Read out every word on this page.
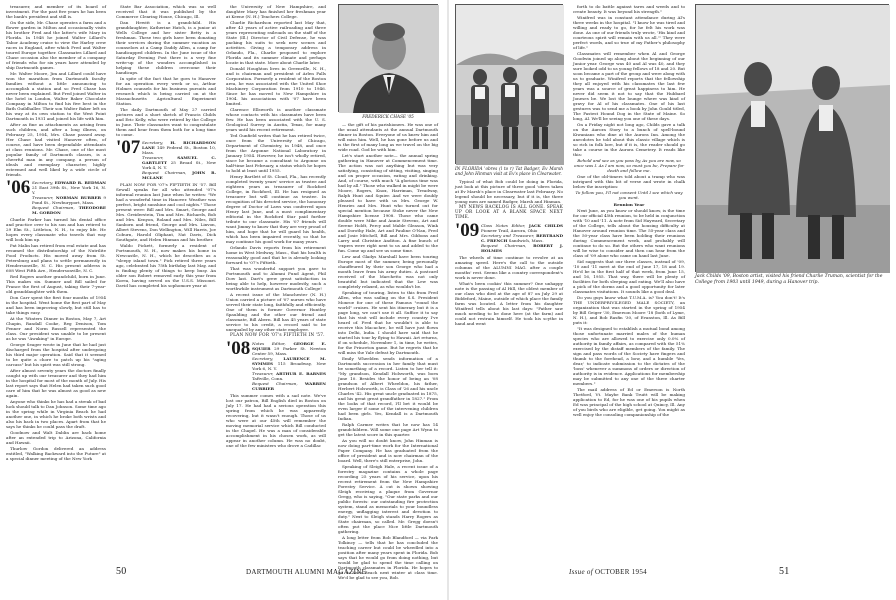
treasurer, and member of its board of investment. For the past five years he has been the bank's president and still is.

On the side, Mr. Chase operates a farm and a flower garden in Milton and occasionally visits his brother Fred and the latter's wife Mary in Florida. In 1948 he joined Walter Lillard's Tabor Academy cruise to view the Harley crew races in England, after which Fred and Walter toured Europe together. Classmates Lillard and Chase occasion also the member of a company of friends who for six years have attended by ship Dartmouth games.

Mr. Walter Moore, Jim and Lillard could have won the marathon from Dartmouth faculty families without a little announcing to accomplish a station and so Fred Chase has never been explained. But Fred joined Walter in the hotel in London, Walter Baker Chocolate Company in Milton to find his five best in the Bath Guildhaller. Their son Walter Baker left on his way at its own station to the West Point Dartmouth in 1931 and joined his life with him.

After as fine as attachments as arising from such children, and after a long illness, on February 25, 1954, Mrs. Chase passed away. Her Chase had visited Hanover often, of course, and have been dependable attendants at class reunions. Mr. Chase, one of the most popular family of Dartmouth classes, is a cheerful man in any company, a person of ideals and exemplary character, highly esteemed and well liked by a wide circle of friends.

'06 Secretary, EDWARD R. REDMAN 21 East 39th St., New York 16, N. Y.
Treasurer, NORMAN BURBER 9 Pond St., Newburyport, Mass.
Bequest Chairman, THEODORE M. GORDON

Charlie Parker has turned his dental office and practice over to his son and has retired to 29 Elm St., Littleton, N. H., to enjoy life. He hopes every classmate who travels that way will look him up.

Pat Malin has retired from real estate and has resumed the distributorship of the Nutrilite Food Products. His moved away from St. Petersburg and plans to settle permanently in Hendersonville, N. C. His present address is 608 West Fifth Ave., Hendersonville, N. C.

Red Rogers another grandchild, born in June. This makes six. Sumner and Bill sailed for France the first of August, taking their 7-year-old granddaughter with them.

Don Carr spent the first four months of 1954 in the hospital. Went home the first part of May and has been improving slowly, but still has to take things easy.

At the 'Winters Dinner in Boston, May 7, Art Chapin, Randall Cooke, Reg Denison, Tom Fenner and Norm Russell represented the class. Our president was unable to be present as he was "Awaking" in Europe.

George Seager wrote in June that he had just discharged from the hospital after undergoing his third major operation. Said that it seemed to be quite a chore to patch up his "aging carcass" but his spirit was still strong.

After almost seventy years the doctors finally caught up with our treasurer and they had him in the hospital for most of the month of July. His last report says that Helen had taken such good care of him that he was almost as good as new again.

Anyone who thinks he has had a streak of bad luck should talk to Dan Johnson. Some time ago in the spring while in Virginia Beach he had another one, in which he broke both wrists and also his back in two places. Apart from that he says he thinks he could pass the draft.

Goodnow and Walt Dablin are back home after an extended trip to Arizona, California and Hawaii.

Thurlow Gordon delivered an address entitled, "Walking Backward into the Future" at a special dinner meeting of the New York

State Bar Association, which was so well received that it was published by the Commerce Clearing House, Chicago, Ill.

Dan Hewitt is a grandchild. His granddaughter, Katherine Hatch, is a junior at Wells College and her sister Betty is a freshman. These two girls have been donating their services during the summer vacation as counselors at a Camp Daddy Allen, a camp for handicapped children. In the June issue of the Saturday Evening Post there is a very fine write-up of the wonders accomplished in helping these children overcome their handicaps.

In spite of the fact that he goes to Hanover for an operation every week or so, Arthur Holmes counsels for his business pursuits and research which is being carried on at the Massachusetts Agricultural Experiment Station.

The daily Dartmouth of May 27 carried pictures and a short sketch of Francis Childs and Eric Kelly, who were retired by the College in June. Their classmates want to congratulate them and hear from them both for a long time to come.

'07 Secretary, H. RICHARDSON LANE 149 Federal St., Boston 10, Mass.
Treasurer,	SAMUEL C. GARTLETT 25 Broad St., New York 4, N. Y.
Bequest Chairman, JOHN R. MCLANE

PLAN NOW FOR '07's FIFTIETH IN '57. Bill Sewall speaks for all who attended '07's informal reunion last June when he writes: "We had a wonderful time in Hanover. Weather was perfect, bright sunshine and cool nights." Those present were: Bill and Mrs. Smart, George and Mrs. Greiderstein, Tim and Mrs. Richards, Bob and Mrs. Kenyon, Roland and Mrs. Niles, Bill Sanborn and friend, George and Mrs. Linvon, Albert Stevens, Don Wellington, Will Harris, Joe Coburn, Harold Oliphant, Nat Davis, Dick Southgate, and Helen Hinman and his brother.

Waldo Pickett, formerly a resident of Portsmouth, N. H., now makes his home in Newcastle, N. H., which he describes as a "sleepy island town." Pick retired three years ago, celebrated his 75th birthday last May, and is finding plenty of things to keep busy. An older son Robert removed early this year from Korea, having served on the U.S.S. Missouri. David has completed his sophomore year at

the University of New Hampshire, and daughter Mary has finished her freshman year at Keene (N. H.) Teachers College.

Charlie Richardson reported last May that, after 43 years of active railroading and three years representing railroads on the staff of the State (Ill.) Director of Civil Defense, he was packing his suits to seek new scenes and activities. Giving a temporary address in Orlando, Fla., Charlie proposed to explore Florida and its summer climate and perhaps locate in that state. More about Charlie later.

Donald Houghton lives in Greenville, N. H., and is chairman and president of Arlen Falls Corporation. Formerly a resident of the Boston area, he was associated with the United Shoe Machinery Corporation from 1910 to 1946. Since he has moved to New Hampshire in 1904. his associations with '07 have been limited.

Clarence Ellsworth is another classmate whose contacts with his classmates have been few. He has been associated with the U. S. Geological Survey in Austin, Texas, for many years until his recent retirement.

Ted Gunfield writes that he has retired twice, once from the University of Chicago, Department of Chemistry, in 1948, and once from the Argonne National Laboratory in January 1954. However, he isn't wholly retired, since he became a consultant to Argonne on half-time last February, a status which he hopes to hold at least until 1955.

Henry Bartlett of St. Cloud, Fla., has recently completed twenty years' service as trustee and eighteen years as treasurer of Rockford College, in Rockford, Ill. He has resigned as treasurer but will continue as trustee. In recognition of his devoted service, the honorary degree of Doctor of Laws was conferred upon Henry last June, and a most complimentary editorial in the Rockford Star paid further tribute to our classmate. His '07 friends will want Jimmy to know that they are very proud of him, and hope that he will guard his health, which has been impaired recently, so that he may continue his good work for many years.

Orlando Davis reports from his retirement home in West Medway, Mass., that his health is reasonably good and that he is already looking forward to '07's Fiftieth.

That was wonderful support you gave to Portsmouth and to Alumni Fund Agent, Phil Dow last. Dart's grew great satisfaction in being able to help, however modestly, such a worthwhile instrument as Dartmouth College!

A recent issue of the Manchester (N. H.) Union carried a picture of '07 nurses who have served their state long, faithfully and efficiently. One of them is former Governor Huntley Spaulding and the other our friend and classmate, Bill Abern. Bill has 45 years of state service to his credit, a record said to be unequaled by any other state employee.

PLAN NOW FOR '07's FIFTIETH IN '57.

'08 Notes Editor, GEORGE E. SQUIER 29 Parker St. Newton Center 59, Mass.
Secretary,	LAURENCE M. SYMMES 115 Broadway, New York 6, N. Y.
Treasurer, ARTHUR E. BARNES Taftville, Conn.
Bequest Chairman, WARREN CURRIER

This summer comes with a sad note. We've lost our patron, Bill English died in Boston on July 17. He had had a serious operation this spring from which he was apparently recovering, but it wasn't enough. Those of us who were at our 45th will remember the moving memorial service which Bill conducted in the Chapel. He was a man of considerable accomplishment in his chosen work, as will appear in another column. He was no doubt, one of the few ministers who drove a Cadillac

FREDERICK CHASE '05

— the gift of his parishioners. He was one of the usual attendants at the annual Dartmouth dinner in Boston. Everyone of us knew him and will miss him. Well, he has gone before us and is the first of many long as we travel on the big wide road. God be with him.

Let's start another note— the annual spring gathering in Hanover at Commencement time. The action was not anything but was very satisfying, consisting of sitting, visiting, singing and on proper occasion, eating and drinking. And, of course, with much "A glorious time was had by all." Those who walked in might be were Moore, Rogers, Knox, Harriman, Treadway, Ralph Hunt and Squier. And we were doubly pleased to have with us Mrs. George W. Henries and Mrs. Hunt who turned out for special mention because Stoke never the New Hampshire license 1908. Those who came double were Mike and Annie Stevens, Art and Serene Holdt, Percy and Mable Gleason, Wink and Dorothy Hale, Art and Pauline O'Nan, Fred and Josie Mitchell, Bill and Mrs. Gibbons and Larry and Christine Anditon. A fine bunch of 'expres were right next to us and added to the fun. Come up and see us some time.

Lew and Gladys Marshall have been touring Europe most of the summer, being personally chauffeured by their son George who had a month leave from his army duties. A postcard received of the Marchetto was not only beautiful but indicated that the Lew was completely relaxed, as who wouldn't be.

Speaking of touring, listen to this from Fred Allen, who was sailing on the S.S. President Monroe for one of these Famous "round the world" cruises. He sent his itinerary but it is a page long, we can't use it all. Suffice it to say that his visit will include every country I've heard of. Fred that he wouldn't is able to receive this Macachre, he will have just flown into Delhi, India. I should have said that he started his tour by flying to Hawaii. Art returns, if on schedule, November 1, in time, he writes, for the Princeton game. But he regrets that he will miss the Yale defeat by Dartmouth.

Emily Wheelden sends information of a Dartmouth succession in her family that must be something of a record. Listen to her tell it: "My grandson, Kendall Holsworth, was born June 10. Besides the honor of being an '08 grandson of Albert Wheeldon, his father, Herbert Holsworth, is Class of '26 and his uncle Charles '42. His great uncle graduated in 1875, and his great great grandfather in 1827." From the looks of that record, I'll bet it would be even larger if some of the intervening children had been girls. Yes, Kendall is a Dartmouth Indian.

Ralph Carmer writes that he now has 14 grandchildren. Will some one page Art Wynn to get the latest score in this quarter.

As you will no doubt know, John Hinman is now doing part-time work for the International Paper Company. He has graduated from the office of president and is now chairman of the board. Well, there's still enterprise, John.

Speaking of Sleigh Hale, a recent issue of a forestry magazine contains a whole page recording 25 years of his service, upon his recent retirement from the New Hampshire Forestry Service. A cut is shown showing Sleigh receiving a plaque from Governor Gregg, who is saying, "Our state parks and our public forests: our outstanding fire protection system, stand as memorials to your boundless energy, unflagging interest and devotion to duty." Next to Sleigh stands Harry Rogers as State chairman, so called. Mr. Gregg doesn't often put the place Nice little Dartmouth gathering.

A long letter from Bob Blandford — via Park Tolkincy — tells that he has concluded the teaching career but could be wheedled into a position after many years spent in Florida. Bob says that he would go from doing nothing, but would be glad to spend the time calling on Dartmouth classmates in Florida. He hopes to go to Vero Beach next winter at class time. We'd be glad to see you, Bob.

50	DARTMOUTH ALUMNI MAGAZINE
IN FLORIDA 'obres (l to r) Tat Badger, Ev Marsh and John Hinman visit at Ev's place in Clearwater.

Typical of what Bob could be doing in Florida, just look at this picture of three good 'obres taken at Ev Marsh's place in Clearwater last February. No legend should be necessary, but if it is, the three young men are named Badger, Marsh and Hinman.

MY NEWS BACKLOG IS ALL GONE. SPEAK UP OR LOOK AT A BLANK SPACE NEXT TIME.

'09 Class Notes Editor, JACK CHILDS Pioneer Trail, Aurora, Ohio
Secretary and Treasurer, BERTRAND C. FRENCH Sandwich, Mass.
Bequest Chairman, ROBERT J. HOLMES

The wheels of time continue to revolve at an amazing speed. Here's the call to the outside columns of the ALUMNI MAG. after a couple months' rest. Seems like a country correspondent's work is never done.

What's been cookin' this summer? One unhappy note is the passing of Al Hill, the oldest member of our class who died at the age of 87 on July 29 at Biddeford, Maine, outside of which place the family farm was located. A letter from his daughter Winifred tells about his last days: "Father saw much needing to be done here (at the farm) and could not restrain himself. He took his scythe in hand and went

forth to do battle against tares and weeds and to create beauty. It was beyond his strength."

Winifred was in constant attendance during Al's three weeks in the hospital. "I know he was tired and willing and ready to go, for he felt his work was done. As one of our friends truly wrote, 'His kind and courteous spirit will remain with us all.'" They were perfect words, and so true of my Father's philosophy of life."

Classmates will remember when Al and George Goodwin joined up along about the beginning of our Junior year. George was 40 and Al was 40, and they sure looked odd to us young fellows of 18 and 20. But soon became a part of the group and were along with us to graduate. Winifred reports that the fellowship they all enjoyed with his classmates the last few years was a source of great happiness to him. He never did seem it not to say that the Hubbard Joneses be. We lost the lounge where was kind of gravy for Al of his classmates. One of his last gestures was to send me a book by John Gould titled, The Fastest Hound Dog in the State of Maine. So long, Al. We'll be seeing you one of these days.

On a Friday night not long ago, Childs gave a talk on the Aurora Story to a bunch of spell-bound Kiwanians who dine at the Aurora Inn. Among the anecdotes he told about this classic village which is so rich in folk lore, but if it is, the reader should go take a course in the Aurora Cemetery. It reads like this:

Behold and see as you pass by, As you are now, so once was I. As I am now, so must you be, Prepare for death and follow me.

One of the old-timers told about a tramp who was intrigued with this bit of verse and wrote in chalk below the inscription:

To follow you, I'll not consent Until I see which way you went.

Reunion Year

Next June, as you know or should know, is the time for our official 45th reunion, to be held in conjunction with '10 and '11. A note from Sid Hayward, Secretary of the College, tells about the housing difficulty at Hanover around reunion time. The 55-year class and the 50-year class have been holding their reunions during Commencement week, and probably will continue to do so. But the others who want reunions will be wise to consider and then can hear from the class of '09 alone who came on hand last June.

Sid suggests that our three classes, instead of '09, '10 and '11 meet at the end of June 17, 18 and 19. He'd be in the first half of that week, from June 15, and 16, 1955. That way, there will be plenty of facilities for both sleeping and eating. We'll also have a pick of the dorms and a good opportunity for later classmates visitations. It sounds like a good deal.

Do you guys know what T.U.M.A. is? You don't! It's THE UNDERPRIVILEGED MALE SOCIETY, an organization that was started in the spring of 1954 by Bill Geiger '30, Emerson Moore '18 (both of Lyme, N. H.), and Bob Rasfin '30, of Evanston, Ill. As Bill puts it:

"It was designed to establish a mutual bond among those unfortunate married males of the human species who are allowed to exercise only 0.0% of authority in family affairs, as compared with the 51% exercised by the distaff members of the family. The sign and pass words of the Society have fingers and thumb to the forehead, a bow, and a humble 'Yes, dear,' to indicate submission to the dictates of the 'boss' whenever a summons of orders or direction of authority is in evidence. Applications for membership may be submitted to any one of the three charter members."

The mail address of Ed or Emerson is North Thetford, Vt. Maybe Bank Truitt will be making application to Ed, for he was one of his pupils when Ed was principal of the high school at Quincy, Ill. Any of you birds who are eligible, get going. You might as well enjoy the consoling companionship of the

Jack Childs '09, Boston artist, visited his friend Charlie Truman, scientist for the College from 1903 until 1949, during a Hanover trip.
Issue of OCTOBER 1954	51
